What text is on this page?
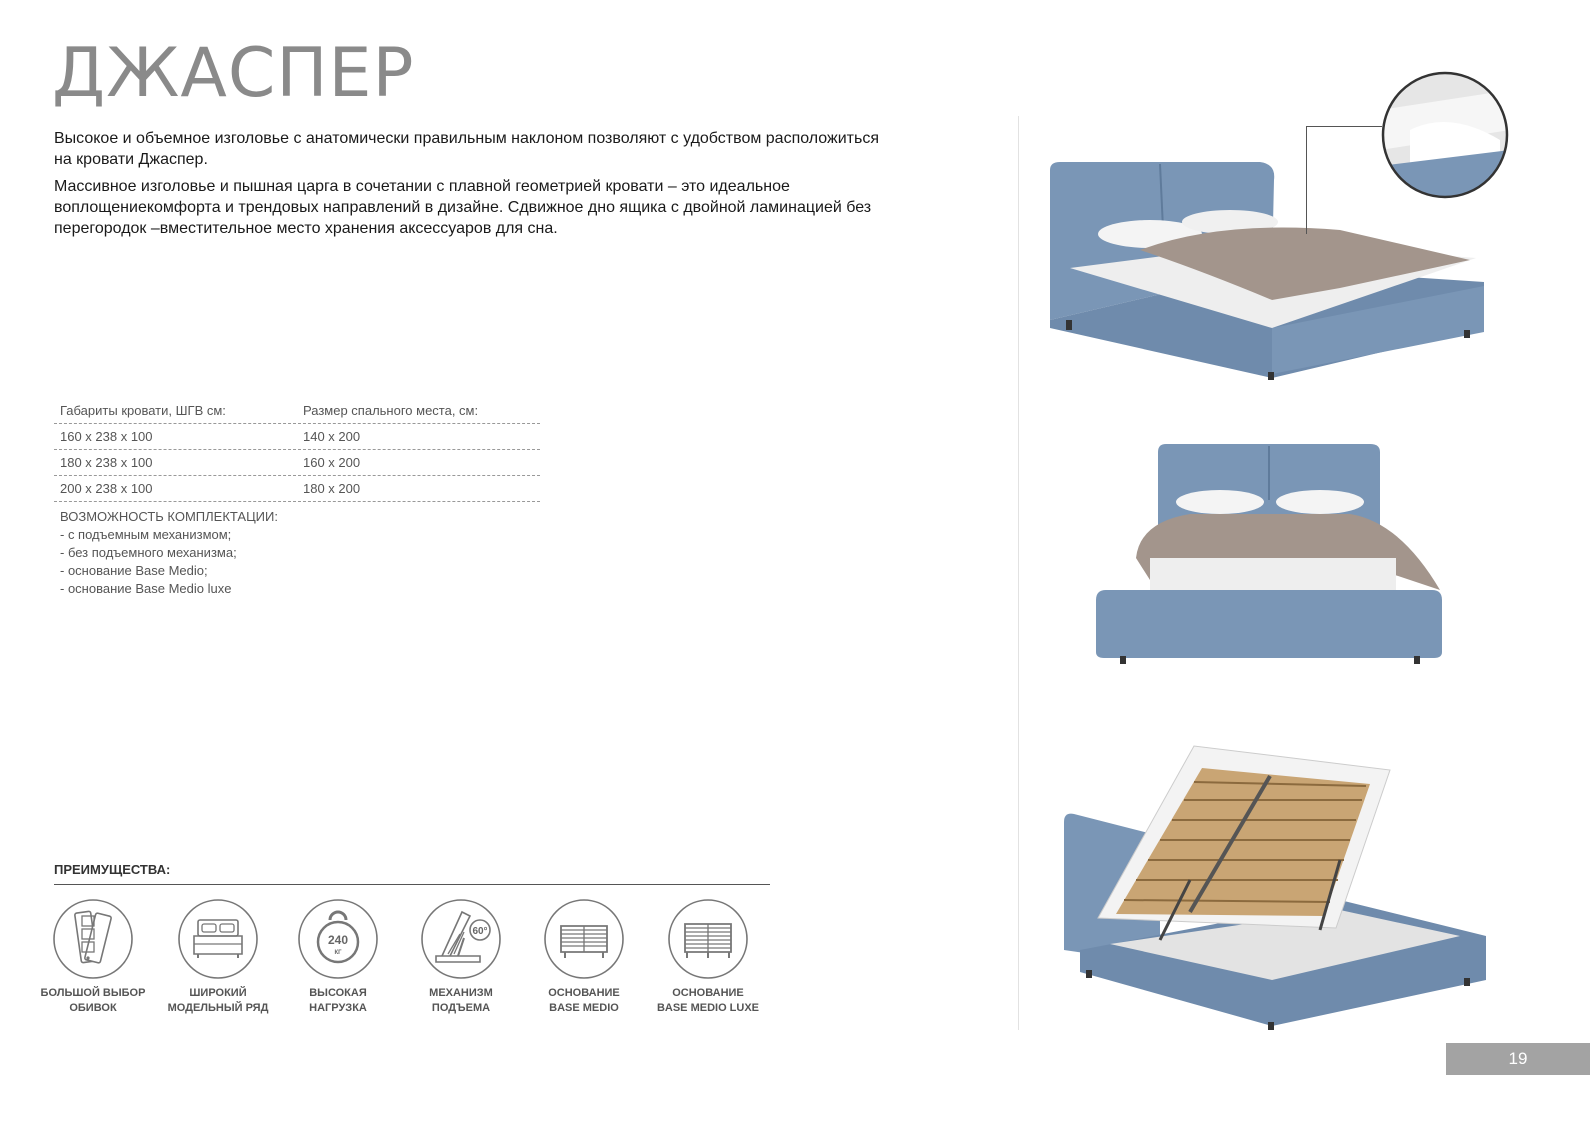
ДЖАСПЕР

Высокое и объемное изголовье с анатомически правильным наклоном позволяют с удобством расположиться на кровати Джаспер.

Массивное изголовье и пышная царга в сочетании с плавной геометрией кровати – это идеальное воплощениекомфорта и трендовых направлений в дизайне. Сдвижное дно ящика с двойной ламинацией без перегородок –вместительное место хранения аксессуаров для сна.

Габариты кровати, ШГВ см:	Размер спального места, см:
160 x 238 x 100	140 x 200
180 x 238 x 100	160 x 200
200 x 238 x 100	180 x 200
ВОЗМОЖНОСТЬ КОМПЛЕКТАЦИИ:
- с подъемным механизмом;
- без подъемного механизма;
- основание Base Medio;
- основание Base Medio luxe
ПРЕИМУЩЕСТВА:
БОЛЬШОЙ ВЫБОР
ОБИВОК
ШИРОКИЙ
МОДЕЛЬНЫЙ РЯД
240
КГ
ВЫСОКАЯ
НАГРУЗКА
60°
МЕХАНИЗМ
ПОДЪЕМА
ОСНОВАНИЕ
BASE MEDIO
ОСНОВАНИЕ
BASE MEDIO LUXE
19
